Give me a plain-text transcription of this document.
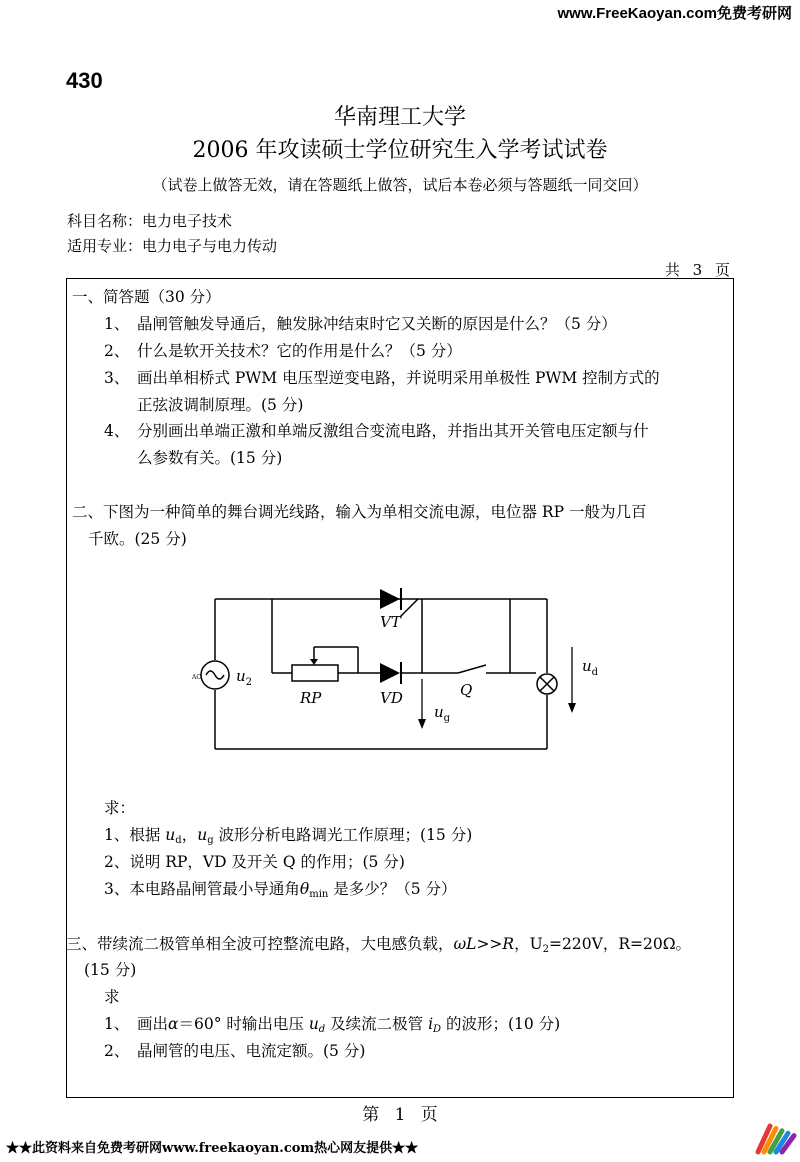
www.FreeKaoyan.com免费考研网
430
华南理工大学
2006 年攻读硕士学位研究生入学考试试卷
（试卷上做答无效，请在答题纸上做答，试后本卷必须与答题纸一同交回）
科目名称：电力电子技术
适用专业：电力电子与电力传动
共 3 页
一、简答题（30 分）
1、 晶闸管触发导通后，触发脉冲结束时它又关断的原因是什么？（5 分）
2、 什么是软开关技术？它的作用是什么？（5 分）
3、 画出单相桥式 PWM 电压型逆变电路，并说明采用单极性 PWM 控制方式的
正弦波调制原理。(5 分)
4、 分别画出单端正激和单端反激组合变流电路，并指出其开关管电压定额与什
么参数有关。(15 分)
二、下图为一种简单的舞台调光线路，输入为单相交流电源，电位器 RP 一般为几百
千欧。(25 分)
AC $u_2$
VT
VD
RP	Q
$u_g$
$u_d$
求：
1、根据 $u_d$，$u_g$ 波形分析电路调光工作原理；(15 分)
2、说明 RP，VD 及开关 Q 的作用；(5 分)
3、本电路晶闸管最小导通角$\theta_{min}$ 是多少？（5 分）
三、带续流二极管单相全波可控整流电路，大电感负载，ωL>>R，$U_2=220V$，R=20Ω。
(15 分)
求
1、 画出α＝60° 时输出电压 $u_d$ 及续流二极管 $i_D$ 的波形；(10 分)
2、 晶闸管的电压、电流定额。(5 分)
第 1 页
★★此资料来自免费考研网www.freekaoyan.com热心网友提供★★
